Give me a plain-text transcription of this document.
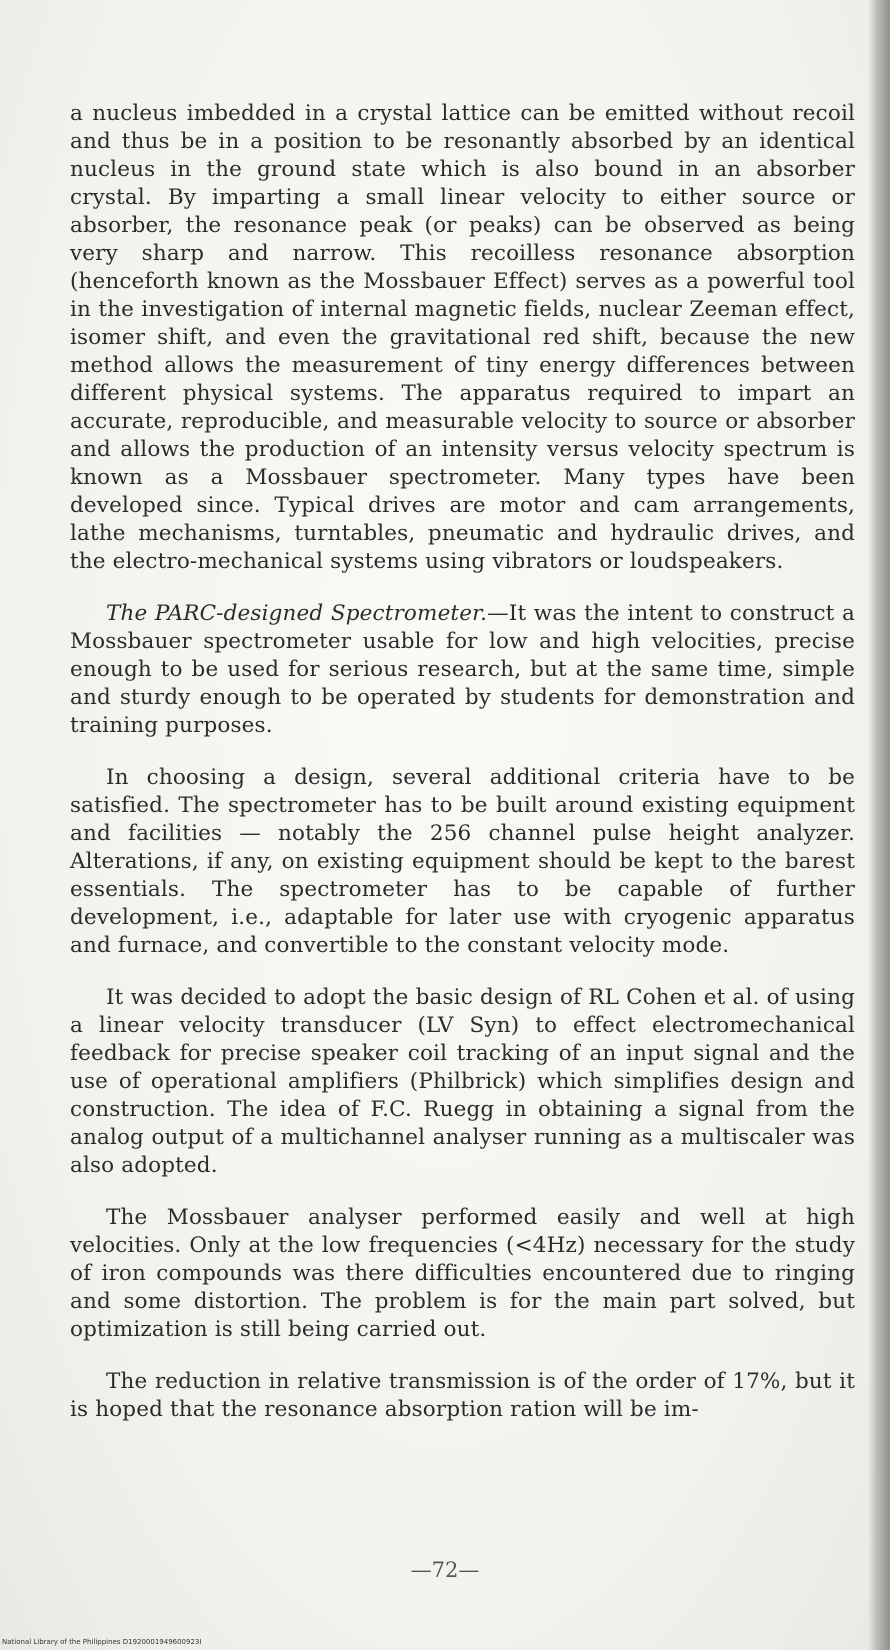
a nucleus imbedded in a crystal lattice can be emitted without recoil and thus be in a position to be resonantly absorbed by an identical nucleus in the ground state which is also bound in an absorber crystal. By imparting a small linear velocity to either source or absorber, the resonance peak (or peaks) can be observed as being very sharp and narrow. This recoilless resonance absorption (henceforth known as the Mossbauer Effect) serves as a powerful tool in the investigation of internal magnetic fields, nuclear Zeeman effect, isomer shift, and even the gravitational red shift, because the new method allows the measurement of tiny energy differences between different physical systems. The apparatus required to impart an accurate, reproducible, and measurable velocity to source or absorber and allows the production of an intensity versus velocity spectrum is known as a Mossbauer spectrometer. Many types have been developed since. Typical drives are motor and cam arrangements, lathe mechanisms, turntables, pneumatic and hydraulic drives, and the electro-mechanical systems using vibrators or loudspeakers.

The PARC-designed Spectrometer.—It was the intent to construct a Mossbauer spectrometer usable for low and high velocities, precise enough to be used for serious research, but at the same time, simple and sturdy enough to be operated by students for demonstration and training purposes.

In choosing a design, several additional criteria have to be satisfied. The spectrometer has to be built around existing equipment and facilities — notably the 256 channel pulse height analyzer. Alterations, if any, on existing equipment should be kept to the barest essentials. The spectrometer has to be capable of further development, i.e., adaptable for later use with cryogenic apparatus and furnace, and convertible to the constant velocity mode.

It was decided to adopt the basic design of RL Cohen et al. of using a linear velocity transducer (LV Syn) to effect electromechanical feedback for precise speaker coil tracking of an input signal and the use of operational amplifiers (Philbrick) which simplifies design and construction. The idea of F.C. Ruegg in obtaining a signal from the analog output of a multichannel analyser running as a multiscaler was also adopted.

The Mossbauer analyser performed easily and well at high velocities. Only at the low frequencies (<4Hz) necessary for the study of iron compounds was there difficulties encountered due to ringing and some distortion. The problem is for the main part solved, but optimization is still being carried out.

The reduction in relative transmission is of the order of 17%, but it is hoped that the resonance absorption ration will be im-

—72—
National Library of the Philippines D1920001949600923I
